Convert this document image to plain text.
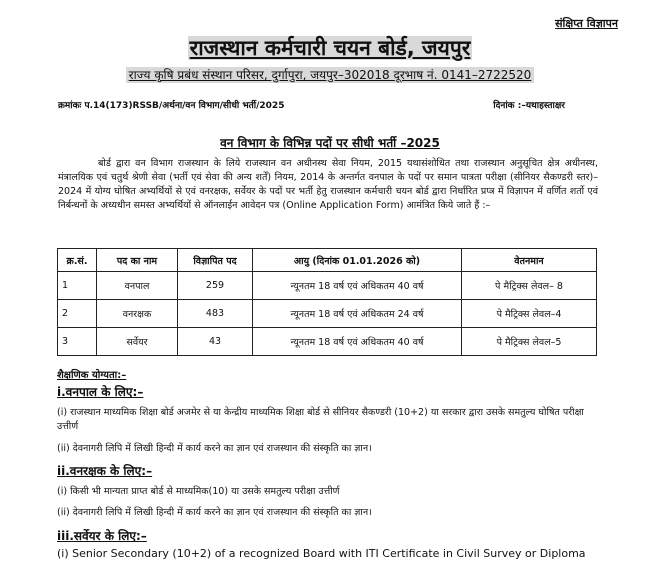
संक्षिप्त विज्ञापन
राजस्थान कर्मचारी चयन बोर्ड, जयपुर
राज्य कृषि प्रबंध संस्थान परिसर, दुर्गापुरा, जयपुर–302018 दूरभाष नं. 0141–2722520
क्रमांकः प.14(173)RSSB/अर्थना/वन विभाग/सीधी भर्ती/2025	दिनांक :–यथाहस्ताक्षर
वन विभाग के विभिन्न पदों पर सीधी भर्ती –2025
बोर्ड द्वारा वन विभाग राजस्थान के लिये राजस्थान वन अधीनस्थ सेवा नियम, 2015 यथासंशोधित तथा राजस्थान अनुसूचित क्षेत्र अधीनस्थ, मंत्रालयिक एवं चतुर्थ श्रेणी सेवा (भर्ती एवं सेवा की अन्य शर्तें) नियम, 2014 के अन्तर्गत वनपाल के पदों पर समान पात्रता परीक्षा (सीनियर सैकण्डरी स्तर)– 2024 में योग्य घोषित अभ्यर्थियों से एवं वनरक्षक, सर्वेयर के पदों पर भर्ती हेतु राजस्थान कर्मचारी चयन बोर्ड द्वारा निर्धारित प्रप्त्र में विज्ञापन में वर्णित शर्तो एवं निर्बन्धनों के अध्यधीन समस्त अभ्यर्थियों से ऑनलाईन आवेदन पत्र (Online Application Form) आमंत्रित किये जाते हैं :–
क्र.सं.	पद का नाम	विज्ञापित पद	आयु (दिनांक 01.01.2026 को)	वेतनमान
1	वनपाल	259	न्यूनतम 18 वर्ष एवं अधिकतम 40 वर्ष	पे मैट्रिक्स लेवल– 8
2	वनरक्षक	483	न्यूनतम 18 वर्ष एवं अधिकतम 24 वर्ष	पे मैट्रिक्स लेवल–4
3	सर्वेयर	43	न्यूनतम 18 वर्ष एवं अधिकतम 40 वर्ष	पे मैट्रिक्स लेवल–5
शैक्षणिक योग्यता:–
i.वनपाल के लिए:–
(i) राजस्थान माध्यमिक शिक्षा बोर्ड अजमेर से या केन्द्रीय माध्यमिक शिक्षा बोर्ड से सीनियर सैकण्डरी (10+2) या सरकार द्वारा उसके समतुल्य घोषित परीक्षा उत्तीर्ण
(ii) देवनागरी लिपि में लिखी हिन्दी में कार्य करने का ज्ञान एवं राजस्थान की संस्कृति का ज्ञान।
ii.वनरक्षक के लिए:–
(i) किसी भी मान्यता प्राप्त बोर्ड से माध्यमिक(10) या उसके समतुल्य परीक्षा उत्तीर्ण
(ii) देवनागरी लिपि में लिखी हिन्दी में कार्य करने का ज्ञान एवं राजस्थान की संस्कृति का ज्ञान।
iii.सर्वेयर के लिए:–
(i) Senior Secondary (10+2) of a recognized Board with ITI Certificate in Civil Survey or Diploma
